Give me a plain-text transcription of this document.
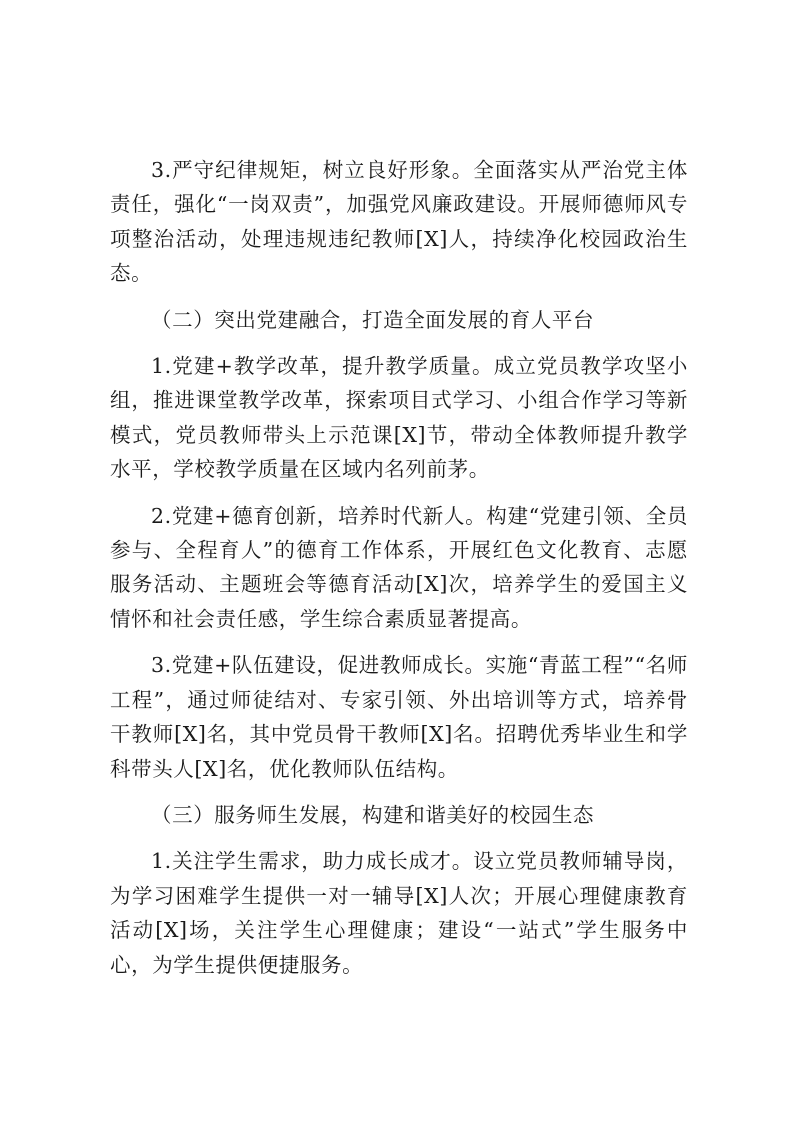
3.严守纪律规矩，树立良好形象。全面落实从严治党主体责任，强化“一岗双责”，加强党风廉政建设。开展师德师风专项整治活动，处理违规违纪教师[X]人，持续净化校园政治生态。

（二）突出党建融合，打造全面发展的育人平台

1.党建+教学改革，提升教学质量。成立党员教学攻坚小组，推进课堂教学改革，探索项目式学习、小组合作学习等新模式，党员教师带头上示范课[X]节，带动全体教师提升教学水平，学校教学质量在区域内名列前茅。

2.党建+德育创新，培养时代新人。构建“党建引领、全员参与、全程育人”的德育工作体系，开展红色文化教育、志愿服务活动、主题班会等德育活动[X]次，培养学生的爱国主义情怀和社会责任感，学生综合素质显著提高。

3.党建+队伍建设，促进教师成长。实施“青蓝工程”“名师工程”，通过师徒结对、专家引领、外出培训等方式，培养骨干教师[X]名，其中党员骨干教师[X]名。招聘优秀毕业生和学科带头人[X]名，优化教师队伍结构。

（三）服务师生发展，构建和谐美好的校园生态

1.关注学生需求，助力成长成才。设立党员教师辅导岗，为学习困难学生提供一对一辅导[X]人次；开展心理健康教育活动[X]场，关注学生心理健康；建设“一站式”学生服务中心，为学生提供便捷服务。
